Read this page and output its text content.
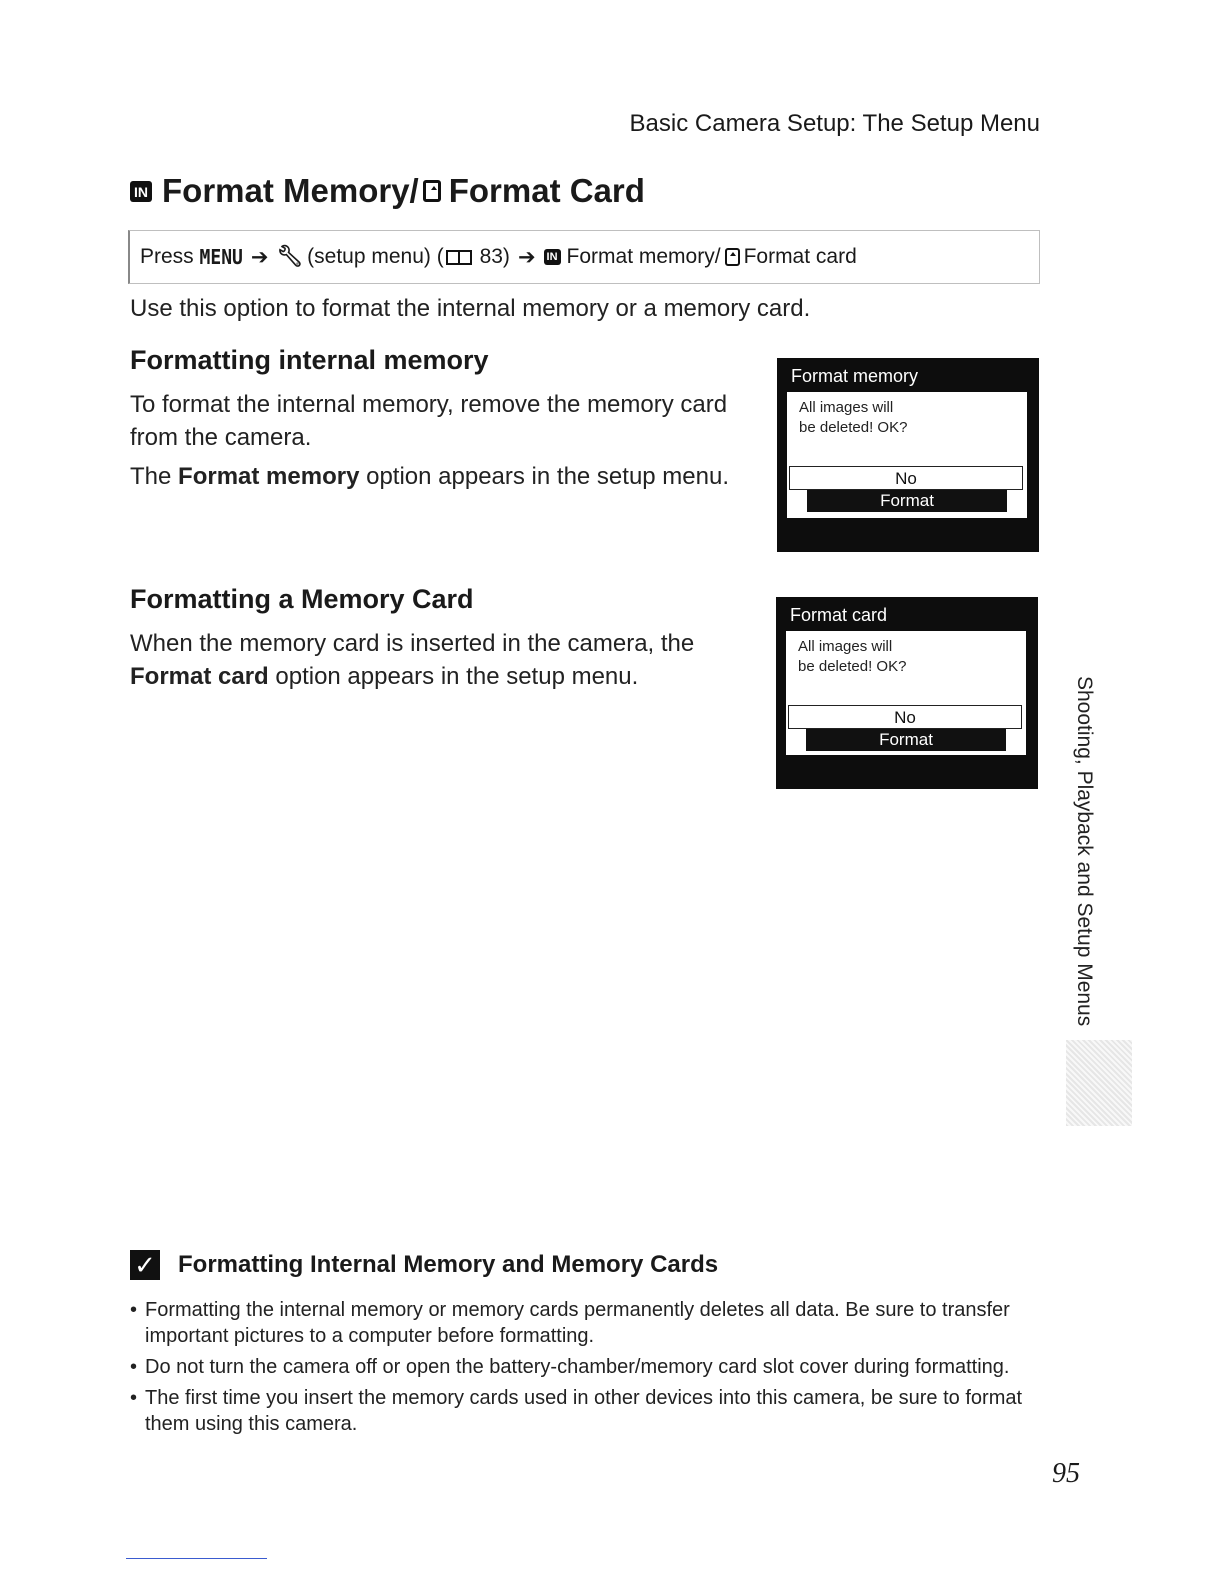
Basic Camera Setup: The Setup Menu
IN Format Memory/ Format Card
Press
MENU ➔ 🔧︎ (setup menu) (
83) ➔ IN Format memory/ Format card
Use this option to format the internal memory or a memory card.
Formatting internal memory

To format the internal memory, remove the memory card from the camera.

The Format memory option appears in the setup menu.

Format memory
All images will
be deleted! OK?
No
Format
Formatting a Memory Card

When the memory card is inserted in the camera, the Format card option appears in the setup menu.

Format card
All images will
be deleted! OK?
No
Format	Shooting, Playback and Setup Menus
✓ Formatting Internal Memory and Memory Cards
• Formatting the internal memory or memory cards permanently deletes all data. Be sure to transfer important pictures to a computer before formatting.
• Do not turn the camera off or open the battery-chamber/memory card slot cover during formatting.
• The first time you insert the memory cards used in other devices into this camera, be sure to format them using this camera.
95
